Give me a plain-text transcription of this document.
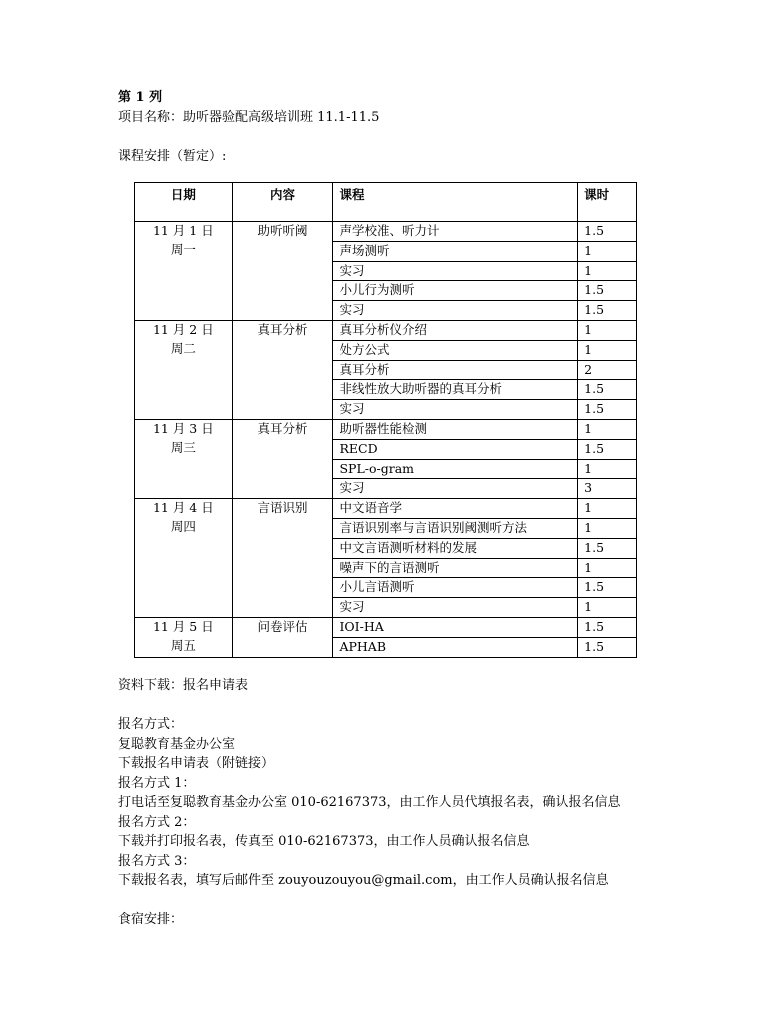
第 1 列
项目名称：助听器验配高级培训班 11.1-11.5
课程安排（暂定）:
日期	内容	课程	课时

11 月 1 日
周一	助听听阈	声学校准、听力计	1.5
		声场测听	1
		实习	1
		小儿行为测听	1.5
		实习	1.5

11 月 2 日
周二	真耳分析	真耳分析仪介绍	1
		处方公式	1
		真耳分析	2
		非线性放大助听器的真耳分析	1.5
		实习	1.5

11 月 3 日
周三	真耳分析	助听器性能检测	1
		RECD	1.5
		SPL-o-gram	1
		实习	3

11 月 4 日
周四	言语识别	中文语音学	1
		言语识别率与言语识别阈测听方法	1
		中文言语测听材料的发展	1.5
		噪声下的言语测听	1
		小儿言语测听	1.5
		实习	1

11 月 5 日
周五	问卷评估	IOI-HA	1.5
		APHAB	1.5
资料下载：报名申请表
报名方式：
复聪教育基金办公室
下载报名申请表（附链接）
报名方式 1：
打电话至复聪教育基金办公室 010-62167373，由工作人员代填报名表，确认报名信息
报名方式 2：
下载并打印报名表，传真至 010-62167373，由工作人员确认报名信息
报名方式 3：
下载报名表，填写后邮件至 zouyouzouyou@gmail.com，由工作人员确认报名信息
食宿安排：
